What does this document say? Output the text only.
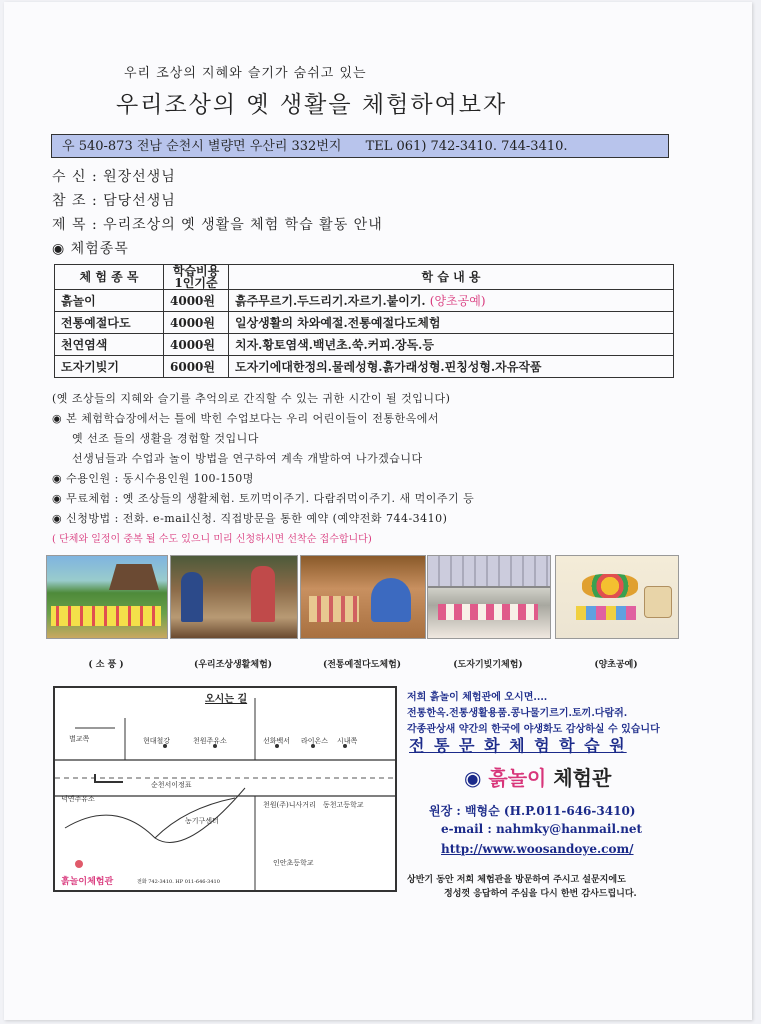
우리 조상의 지혜와 슬기가 숨쉬고 있는
우리조상의 옛 생활을 체험하여보자
우 540-873 전남 순천시 별량면 우산리 332번지 TEL 061) 742-3410. 744-3410.
수 신 : 원장선생님
참 조 : 담당선생님
제 목 : 우리조상의 옛 생활을 체험 학습 활동 안내
◉ 체험종목
체 험 종 목	학습비용 1인기준	학 습 내 용
흙놀이	4000원	흙주무르기.두드리기.자르기.붙이기. (양초공예)
전통예절다도	4000원	일상생활의 차와예절.전통예절다도체험
천연염색	4000원	치자.황토염색.백년초.쑥.커피.장독.등
도자기빚기	6000원	도자기에대한정의.물레성형.흙가래성형.핀칭성형.자유작품
(옛 조상들의 지혜와 슬기를 추억의로 간직할 수 있는 귀한 시간이 될 것입니다)
◉ 본 체험학습장에서는 틀에 박힌 수업보다는 우리 어린이들이 전통한옥에서
옛 선조 들의 생활을 경험할 것입니다
선생님들과 수업과 놀이 방법을 연구하여 계속 개발하여 나가겠습니다
◉ 수용인원 : 동시수용인원 100-150명
◉ 무료체험 : 옛 조상들의 생활체험. 토끼먹이주기. 다람쥐먹이주기. 새 먹이주기 등
◉ 신청방법 : 전화. e-mail신청. 직접방문을 통한 예약 (예약전화 744-3410)
( 단체와 일정이 중복 될 수도 있으니 미리 신청하시면 선착순 접수합니다)
( 소 풍 )	(우리조상생활체험)	(전통예절다도체험)	(도자기빚기체험)	(양초공예)
오시는 길
별교쪽	현대철강	천원주유소	선화백서 라이온스 시내쪽
순천서이정표
덕연주유소
농기구센터
천원(주)니사거리 동천고등학교
인안초등학교
흙놀이체험관	전화 742-3410. HP 011-646-3410
저희 흙놀이 체험관에 오시면....
전통한옥.전통생활용품.콩나물기르기.토끼.다람쥐.
각종관상새 약간의 한국에 야생화도 감상하실 수 있습니다
전 통 문 화 체 험 학 습 원
◉ 흙놀이 체험관
원장 : 백형순 (H.P.011-646-3410)
e-mail : nahmky@hanmail.net
http://www.woosandoye.com/
상반기 동안 저희 체험관을 방문하여 주시고 설문지에도
정성껏 응답하여 주심을 다시 한번 감사드립니다.
